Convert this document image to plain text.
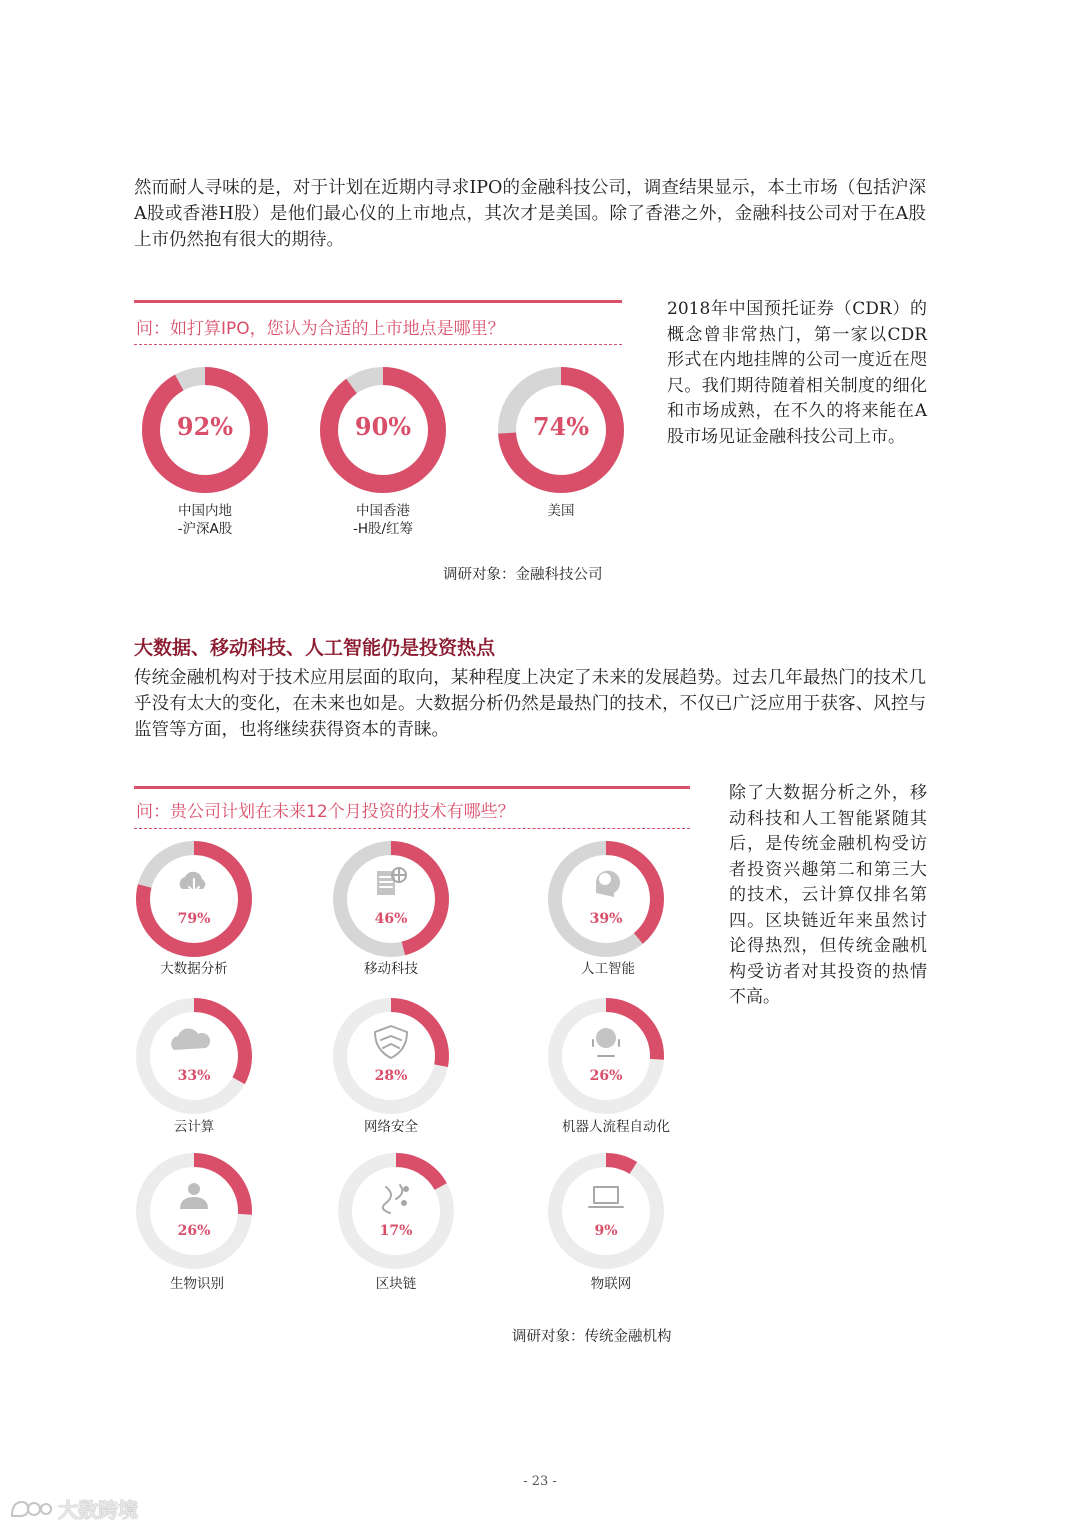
然而耐人寻味的是，对于计划在近期内寻求IPO的金融科技公司，调查结果显示，本土市场（包括沪深A股或香港H股）是他们最心仪的上市地点，其次才是美国。除了香港之外，金融科技公司对于在A股上市仍然抱有很大的期待。

问：如打算IPO，您认为合适的上市地点是哪里？
92%	90%	74%
中国内地
-沪深A股
中国香港
-H股/红筹
美国
调研对象：金融科技公司
2018年中国预托证券（CDR）的概念曾非常热门，第一家以CDR形式在内地挂牌的公司一度近在咫尺。我们期待随着相关制度的细化和市场成熟，在不久的将来能在A股市场见证金融科技公司上市。
大数据、移动科技、人工智能仍是投资热点

传统金融机构对于技术应用层面的取向，某种程度上决定了未来的发展趋势。过去几年最热门的技术几乎没有太大的变化，在未来也如是。大数据分析仍然是最热门的技术，不仅已广泛应用于获客、风控与监管等方面，也将继续获得资本的青睐。

问：贵公司计划在未来12个月投资的技术有哪些？
除了大数据分析之外，移动科技和人工智能紧随其后，是传统金融机构受访者投资兴趣第二和第三大的技术，云计算仅排名第四。区块链近年来虽然讨论得热烈，但传统金融机构受访者对其投资的热情不高。
79%	46%	39%
33%	28%	26%
26%	17%	9%
大数据分析	移动科技	人工智能
云计算	网络安全	机器人流程自动化
生物识别	区块链	物联网
调研对象：传统金融机构
- 23 -
大数跨境
